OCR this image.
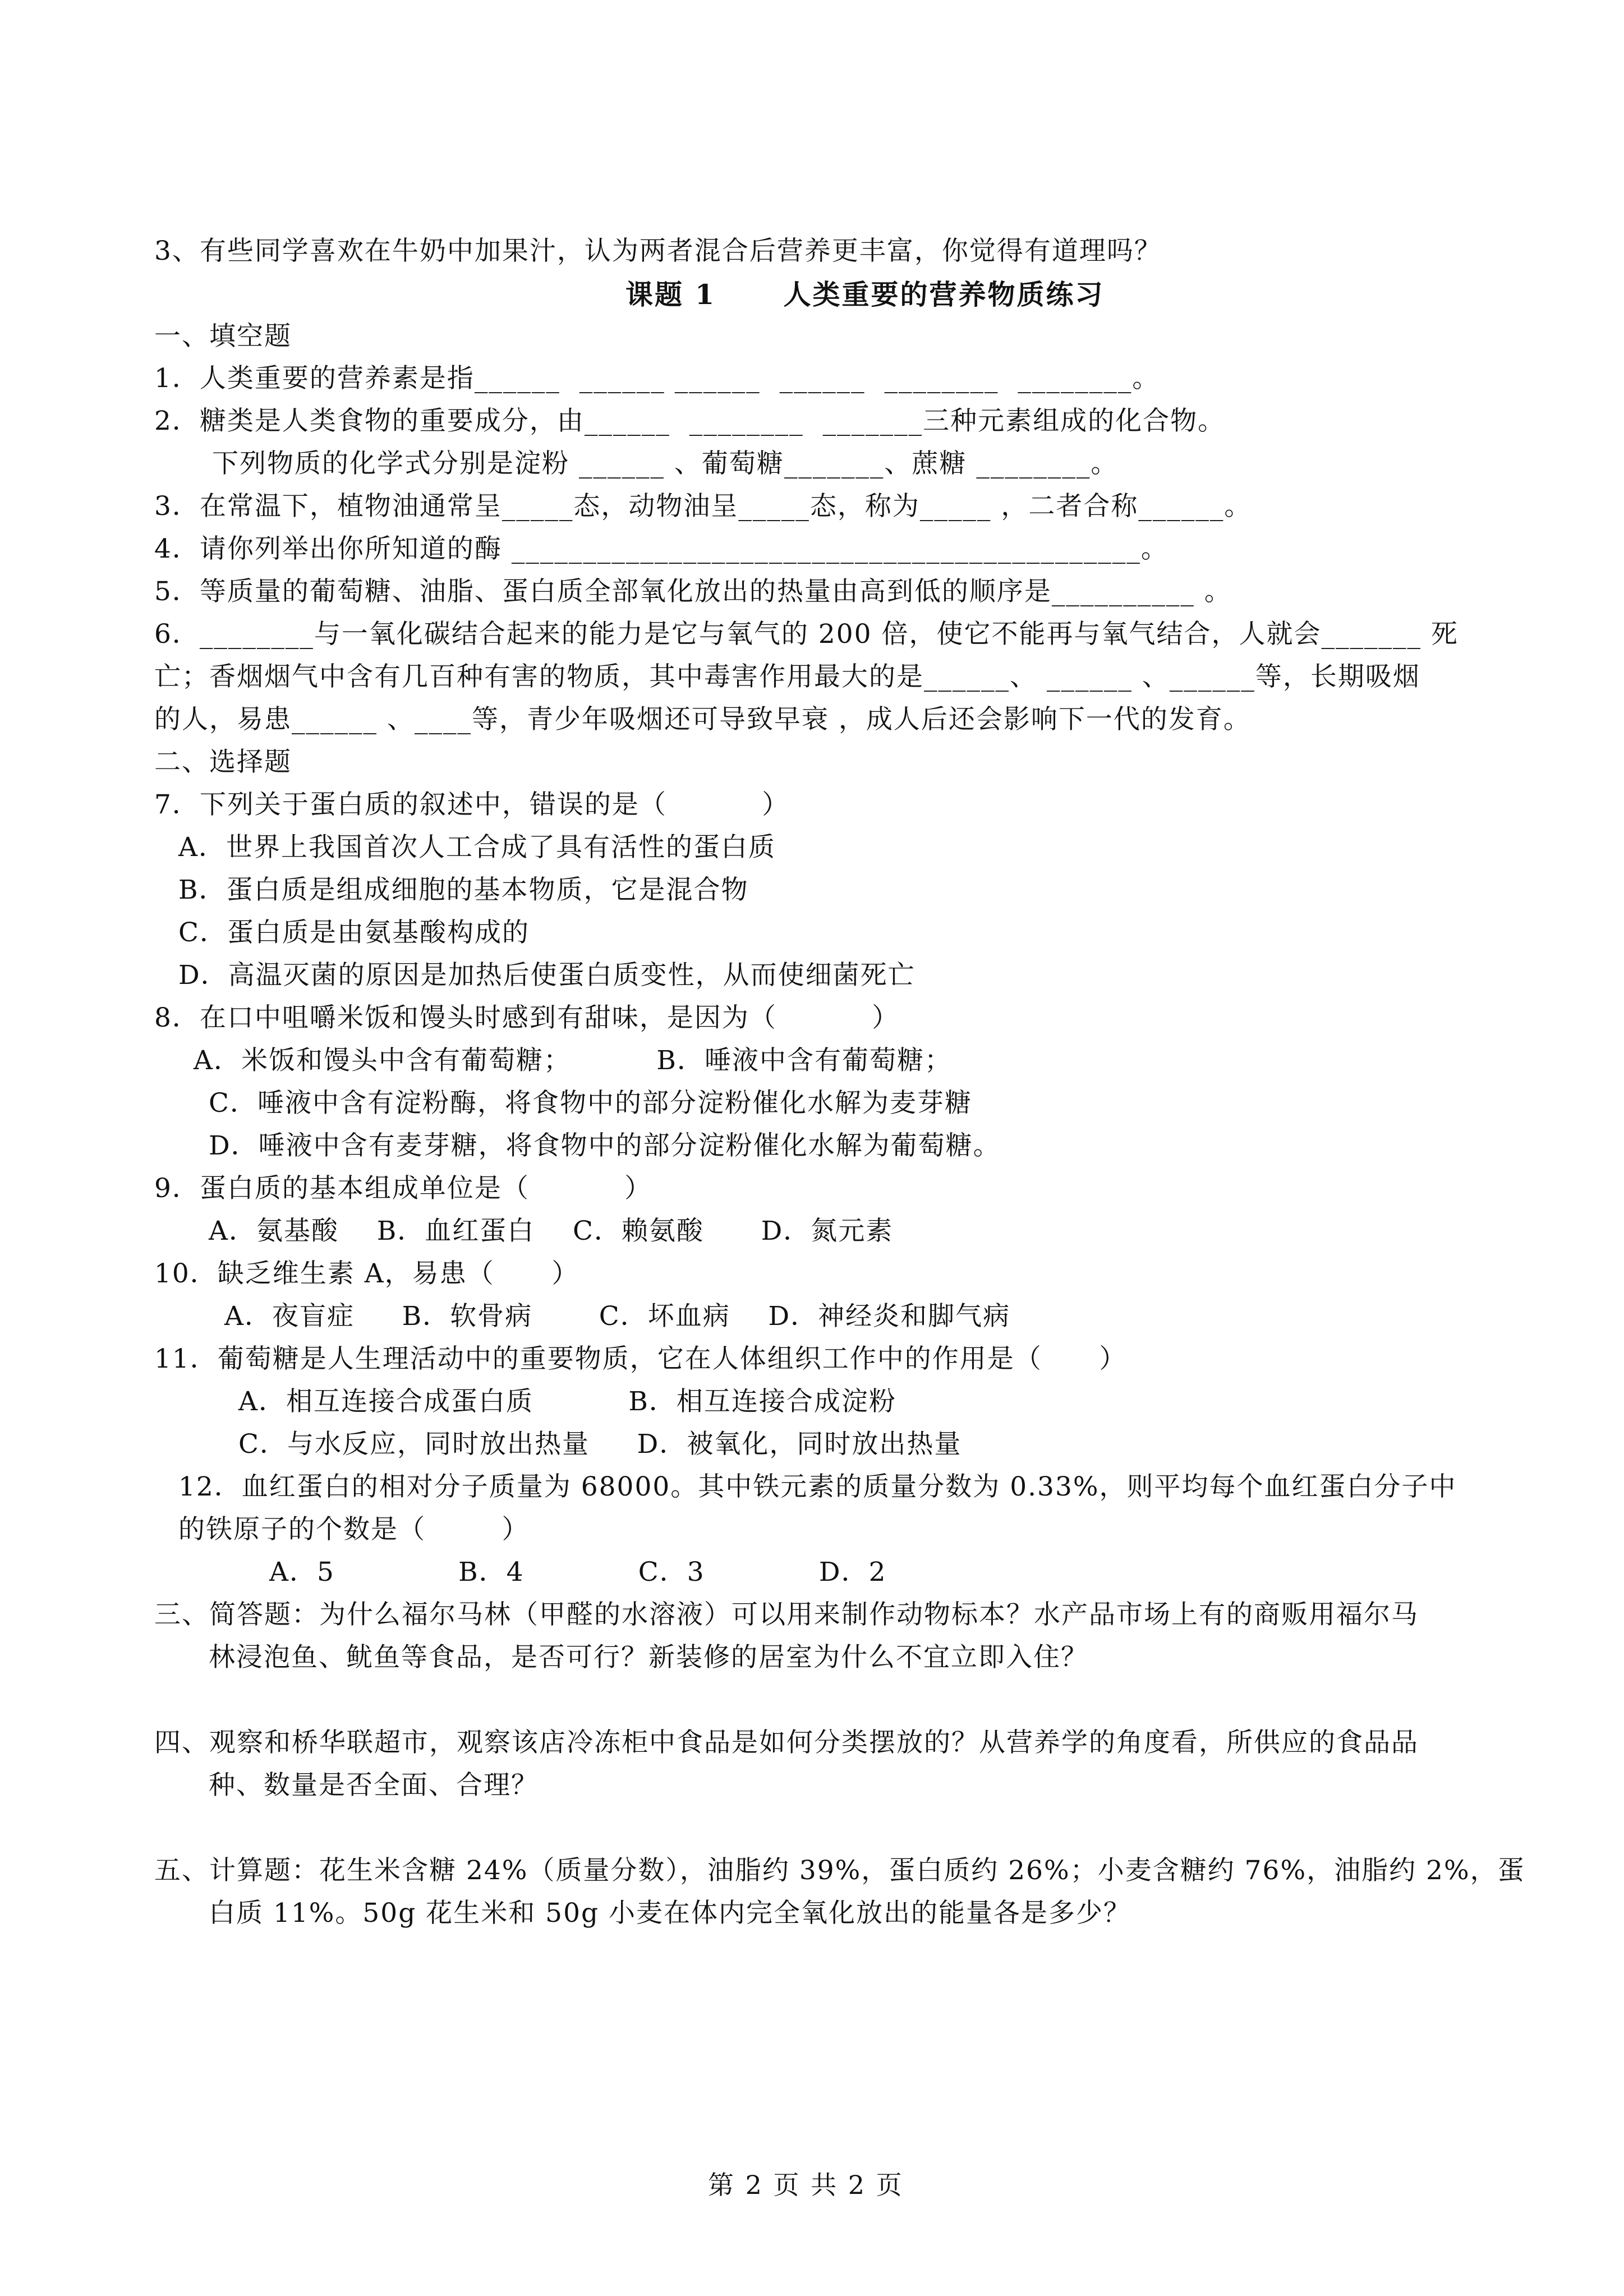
3、有些同学喜欢在牛奶中加果汁，认为两者混合后营养更丰富，你觉得有道理吗？
课题 1      人类重要的营养物质练习
一、填空题
1．人类重要的营养素是指______  ______ ______  ______  ________  ________。
2．糖类是人类食物的重要成分，由______  ________  _______三种元素组成的化合物。
下列物质的化学式分别是淀粉 ______ 、葡萄糖_______、蔗糖 ________。
3．在常温下，植物油通常呈_____态，动物油呈_____态，称为_____ ，二者合称______。
4．请你列举出你所知道的酶 ____________________________________________。
5．等质量的葡萄糖、油脂、蛋白质全部氧化放出的热量由高到低的顺序是__________ 。
6．________与一氧化碳结合起来的能力是它与氧气的 200 倍，使它不能再与氧气结合，人就会_______ 死
亡；香烟烟气中含有几百种有害的物质，其中毒害作用最大的是______、 ______ 、______等，长期吸烟
的人，易患______ 、____等，青少年吸烟还可导致早衰 ，成人后还会影响下一代的发育。
二、选择题
7．下列关于蛋白质的叙述中，错误的是（          ）
A．世界上我国首次人工合成了具有活性的蛋白质
B．蛋白质是组成细胞的基本物质，它是混合物
C．蛋白质是由氨基酸构成的
D．高温灭菌的原因是加热后使蛋白质变性，从而使细菌死亡
8．在口中咀嚼米饭和馒头时感到有甜味，是因为（          ）
A．米饭和馒头中含有葡萄糖；         B．唾液中含有葡萄糖；
C．唾液中含有淀粉酶，将食物中的部分淀粉催化水解为麦芽糖
D．唾液中含有麦芽糖，将食物中的部分淀粉催化水解为葡萄糖。
9．蛋白质的基本组成单位是（          ）
A．氨基酸    B．血红蛋白    C．赖氨酸      D．氮元素
10．缺乏维生素 A，易患（      ）
A．夜盲症     B．软骨病       C．坏血病    D．神经炎和脚气病
11．葡萄糖是人生理活动中的重要物质，它在人体组织工作中的作用是（      ）
A．相互连接合成蛋白质          B．相互连接合成淀粉
C．与水反应，同时放出热量     D．被氧化，同时放出热量
12．血红蛋白的相对分子质量为 68000。其中铁元素的质量分数为 0.33%，则平均每个血红蛋白分子中
的铁原子的个数是（        ）
A．5             B．4            C．3            D．2
三、简答题：为什么福尔马林（甲醛的水溶液）可以用来制作动物标本？水产品市场上有的商贩用福尔马
林浸泡鱼、鱿鱼等食品，是否可行？新装修的居室为什么不宜立即入住？
四、观察和桥华联超市，观察该店冷冻柜中食品是如何分类摆放的？从营养学的角度看，所供应的食品品
种、数量是否全面、合理？
五、计算题：花生米含糖 24%（质量分数），油脂约 39%，蛋白质约 26%；小麦含糖约 76%，油脂约 2%，蛋
白质 11%。50g 花生米和 50g 小麦在体内完全氧化放出的能量各是多少？
第 2 页 共 2 页
